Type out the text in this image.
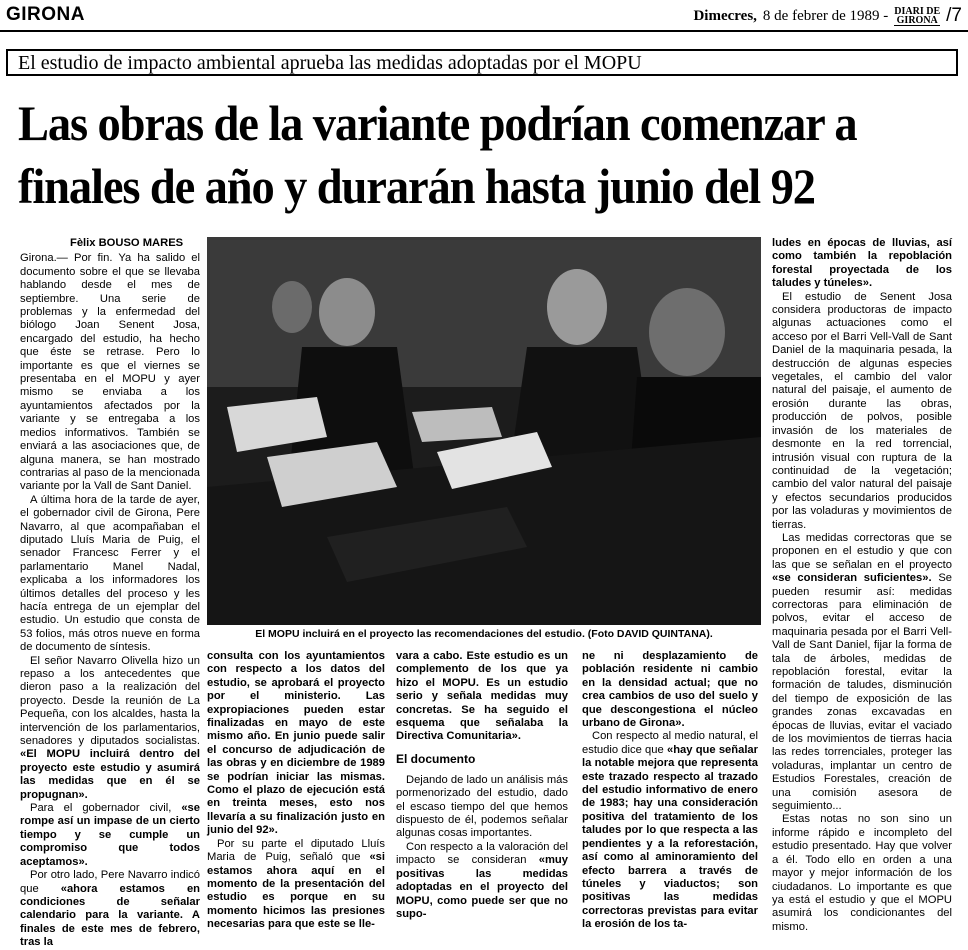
GIRONA	Dimecres, 8 de febrer de 1989 - DIARI DE
GIRONA /7
El estudio de impacto ambiental aprueba las medidas adoptadas por el MOPU
Las obras de la variante podrían comenzar a
finales de año y durarán hasta junio del 92

Fèlix BOUSO MARES

Girona.— Por fin. Ya ha salido el documento sobre el que se llevaba hablando desde el mes de septiembre. Una serie de problemas y la enfermedad del biólogo Joan Senent Josa, encargado del estudio, ha hecho que éste se retrase. Pero lo importante es que el viernes se presentaba en el MOPU y ayer mismo se enviaba a los ayuntamientos afectados por la variante y se entregaba a los medios informativos. También se enviará a las asociaciones que, de alguna manera, se han mostrado contrarias al paso de la mencionada variante por la Vall de Sant Daniel.

A última hora de la tarde de ayer, el gobernador civil de Girona, Pere Navarro, al que acompañaban el diputado Lluís Maria de Puig, el senador Francesc Ferrer y el parlamentario Manel Nadal, explicaba a los informadores los últimos detalles del proceso y les hacía entrega de un ejemplar del estudio. Un estudio que consta de 53 folios, más otros nueve en forma de documento de síntesis.

El señor Navarro Olivella hizo un repaso a los antecedentes que dieron paso a la realización del proyecto. Desde la reunión de La Pequeña, con los alcaldes, hasta la intervención de los parlamentarios, senadores y diputados socialistas. «El MOPU incluirá dentro del proyecto este estudio y asumirá las medidas que en él se propugnan».

Para el gobernador civil, «se rompe así un impase de un cierto tiempo y se cumple un compromiso que todos aceptamos».

Por otro lado, Pere Navarro indicó que «ahora estamos en condiciones de señalar calendario para la variante. A finales de este mes de febrero, tras la

El MOPU incluirá en el proyecto las recomendaciones del estudio. (Foto DAVID QUINTANA).

consulta con los ayuntamientos con respecto a los datos del estudio, se aprobará el proyecto por el ministerio. Las expropiaciones pueden estar finalizadas en mayo de este mismo año. En junio puede salir el concurso de adjudicación de las obras y en diciembre de 1989 se podrían iniciar las mismas. Como el plazo de ejecución está en treinta meses, esto nos llevaría a su finalización justo en junio del 92».

Por su parte el diputado Lluís Maria de Puig, señaló que «si estamos ahora aquí en el momento de la presentación del estudio es porque en su momento hicimos las presiones necesarias para que este se lle-

vara a cabo. Este estudio es un complemento de los que ya hizo el MOPU. Es un estudio serio y señala medidas muy concretas. Se ha seguido el esquema que señalaba la Directiva Comunitaria».

El documento

Dejando de lado un análisis más pormenorizado del estudio, dado el escaso tiempo del que hemos dispuesto de él, podemos señalar algunas cosas importantes.

Con respecto a la valoración del impacto se consideran «muy positivas las medidas adoptadas en el proyecto del MOPU, como puede ser que no supo-

ne ni desplazamiento de población residente ni cambio en la densidad actual; que no crea cambios de uso del suelo y que descongestiona el núcleo urbano de Girona».

Con respecto al medio natural, el estudio dice que «hay que señalar la notable mejora que representa este trazado respecto al trazado del estudio informativo de enero de 1983; hay una consideración positiva del tratamiento de los taludes por lo que respecta a las pendientes y a la reforestación, así como al aminoramiento del efecto barrera a través de túneles y viaductos; son positivas las medidas correctoras previstas para evitar la erosión de los ta-

ludes en épocas de lluvias, así como también la repoblación forestal proyectada de los taludes y túneles».

El estudio de Senent Josa considera productoras de impacto algunas actuaciones como el acceso por el Barri Vell-Vall de Sant Daniel de la maquinaria pesada, la destrucción de algunas especies vegetales, el cambio del valor natural del paisaje, el aumento de erosión durante las obras, producción de polvos, posible invasión de los materiales de desmonte en la red torrencial, intrusión visual con ruptura de la continuidad de la vegetación; cambio del valor natural del paisaje y efectos secundarios producidos por las voladuras y movimientos de tierras.

Las medidas correctoras que se proponen en el estudio y que con las que se señalan en el proyecto «se consideran suficientes». Se pueden resumir así: medidas correctoras para eliminación de polvos, evitar el acceso de maquinaria pesada por el Barri Vell-Vall de Sant Daniel, fijar la forma de tala de árboles, medidas de repoblación forestal, evitar la formación de taludes, disminución del tiempo de exposición de las grandes zonas excavadas en épocas de lluvias, evitar el vaciado de los movimientos de tierras hacia las redes torrenciales, proteger las voladuras, implantar un centro de Estudios Forestales, creación de una comisión asesora de seguimiento...

Estas notas no son sino un informe rápido e incompleto del estudio presentado. Hay que volver a él. Todo ello en orden a una mayor y mejor información de los ciudadanos. Lo importante es que ya está el estudio y que el MOPU asumirá los condicionantes del mismo.
